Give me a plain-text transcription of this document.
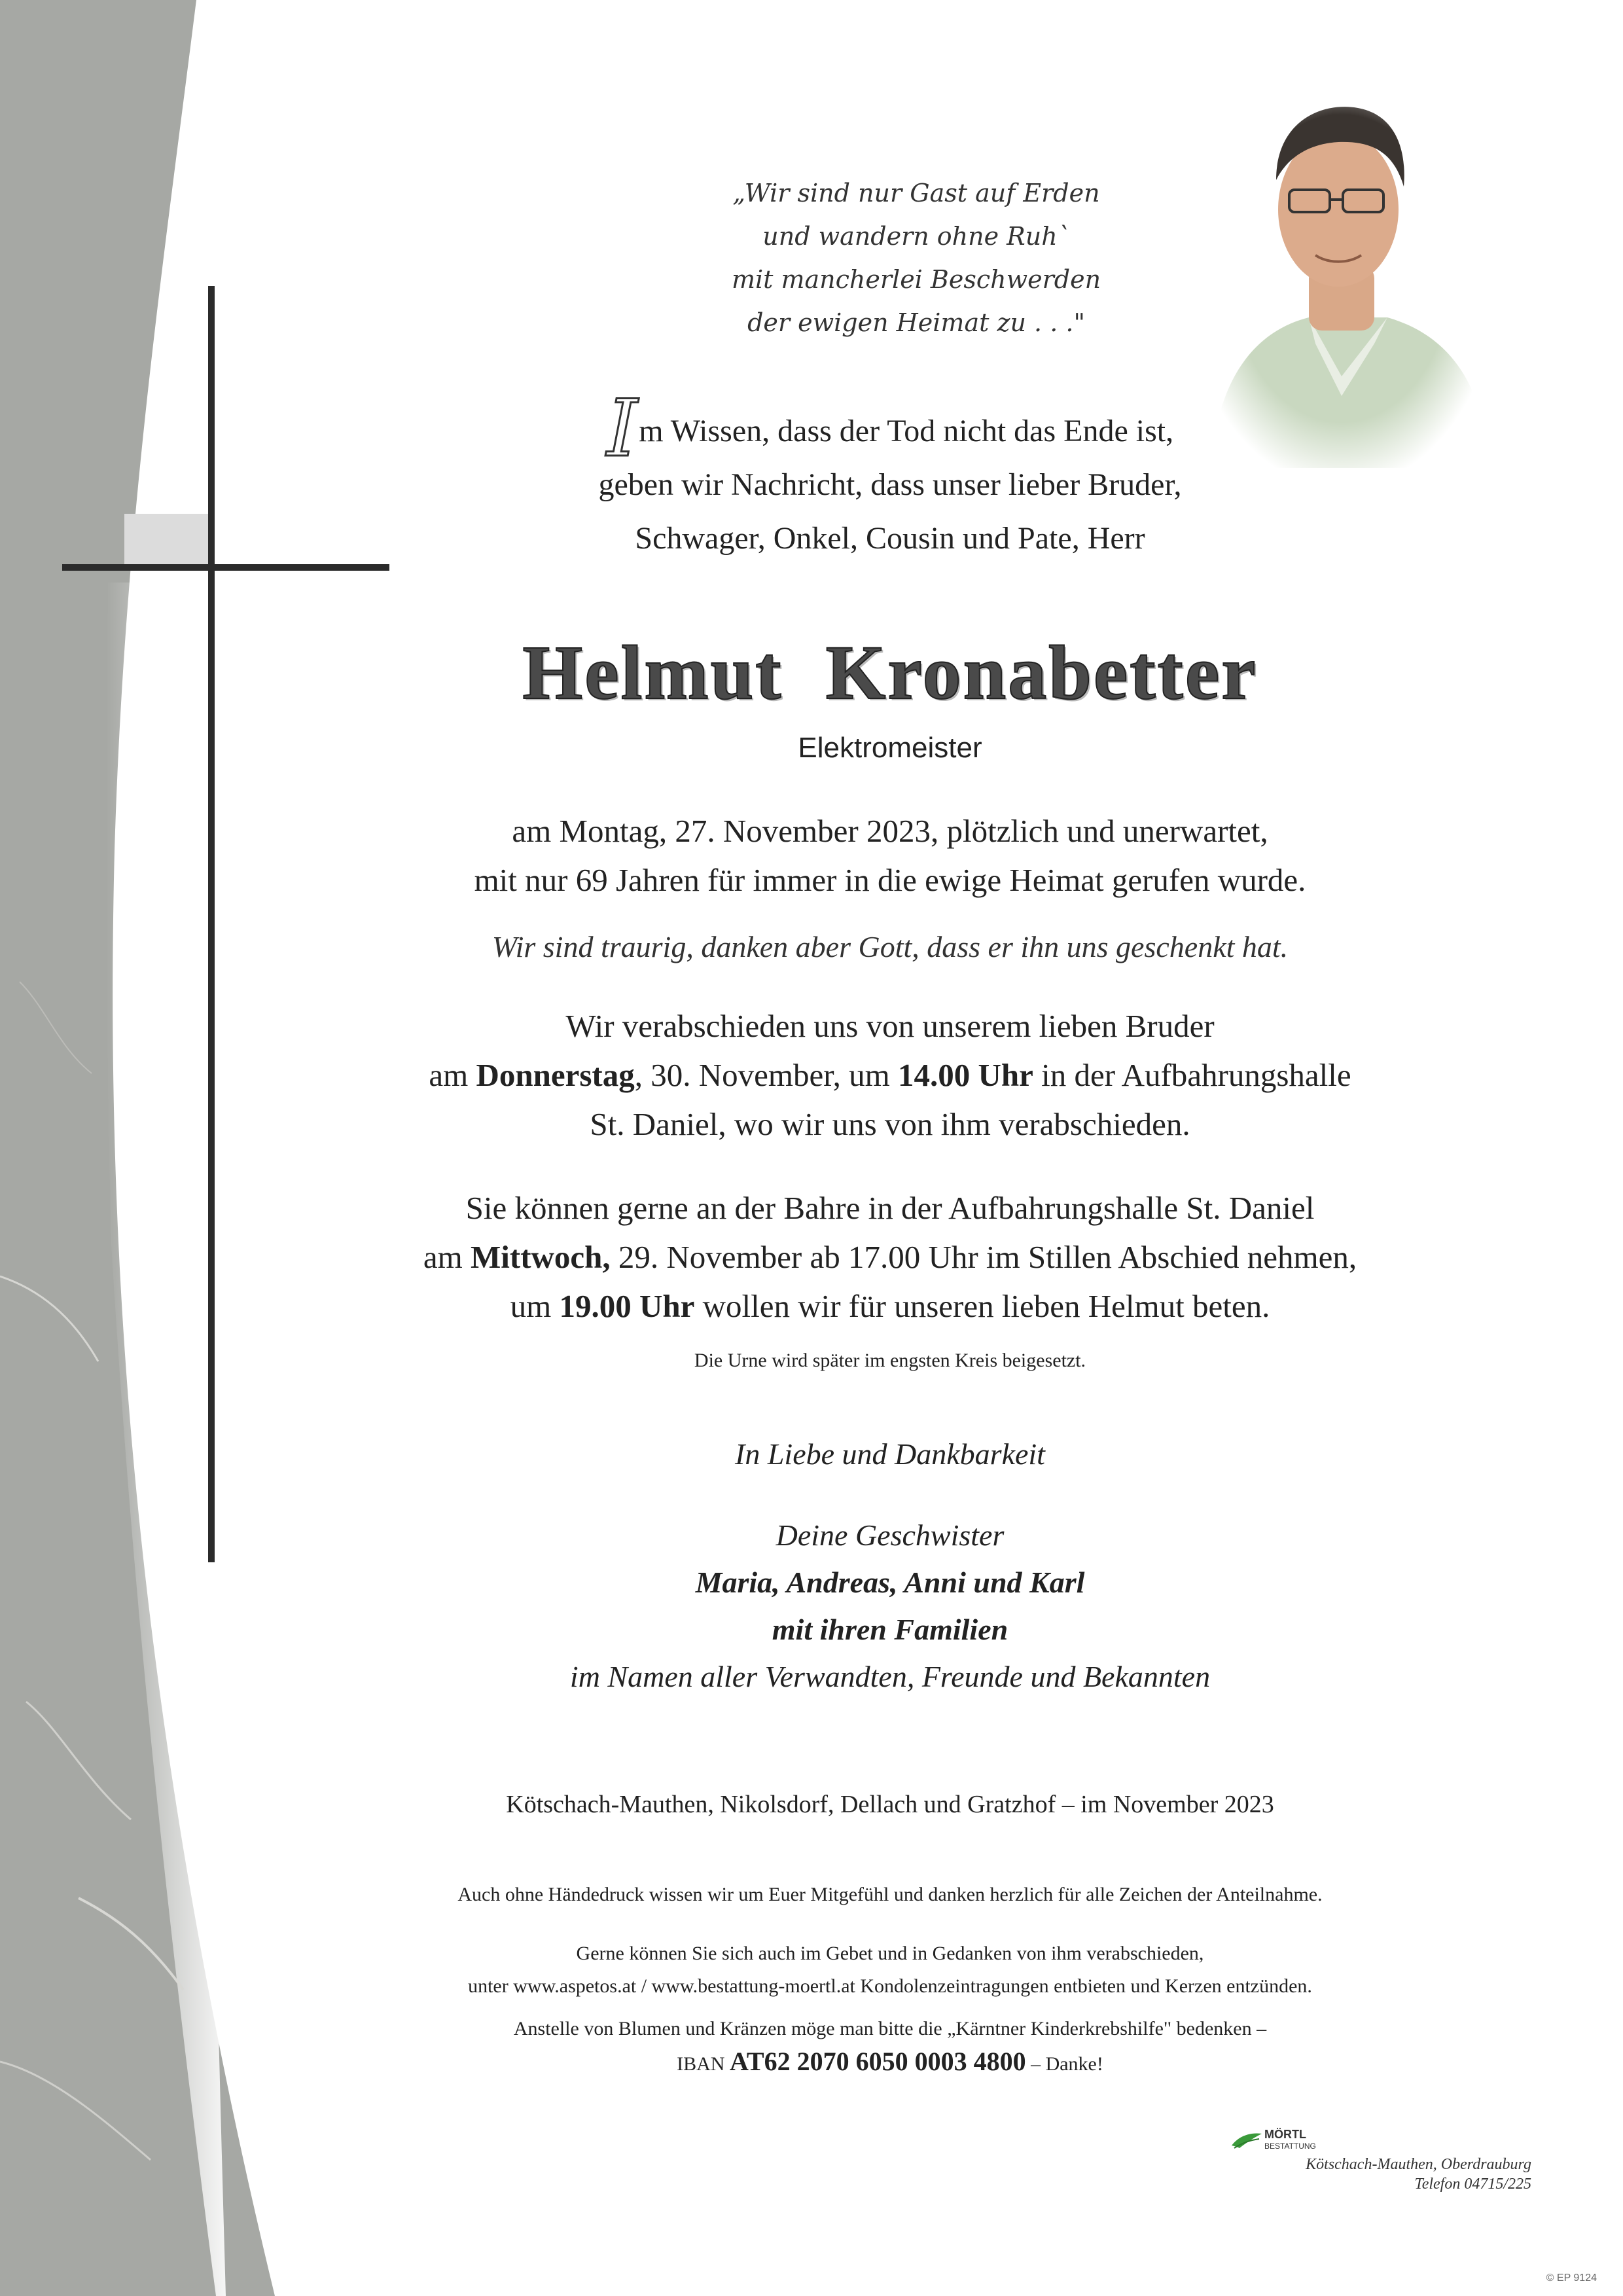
„Wir sind nur Gast auf Erden
und wandern ohne Ruh`
mit mancherlei Beschwerden
der ewigen Heimat zu . . ."
Im Wissen, dass der Tod nicht das Ende ist,
geben wir Nachricht, dass unser lieber Bruder,
Schwager, Onkel, Cousin und Pate, Herr
Helmut  Kronabetter
Elektromeister
am Montag, 27. November 2023, plötzlich und unerwartet,
mit nur 69 Jahren für immer in die ewige Heimat gerufen wurde.
Wir sind traurig, danken aber Gott, dass er ihn uns geschenkt hat.
Wir verabschieden uns von unserem lieben Bruder
am Donnerstag, 30. November, um 14.00 Uhr in der Aufbahrungshalle
St. Daniel, wo wir uns von ihm verabschieden.
Sie können gerne an der Bahre in der Aufbahrungshalle St. Daniel
am Mittwoch, 29. November ab 17.00 Uhr im Stillen Abschied nehmen,
um 19.00 Uhr wollen wir für unseren lieben Helmut beten.
Die Urne wird später im engsten Kreis beigesetzt.
In Liebe und Dankbarkeit
Deine Geschwister
Maria, Andreas, Anni und Karl
mit ihren Familien
im Namen aller Verwandten, Freunde und Bekannten
Kötschach-Mauthen, Nikolsdorf, Dellach und Gratzhof – im November 2023
Auch ohne Händedruck wissen wir um Euer Mitgefühl und danken herzlich für alle Zeichen der Anteilnahme.
Gerne können Sie sich auch im Gebet und in Gedanken von ihm verabschieden,
unter www.aspetos.at / www.bestattung-moertl.at Kondolenzeintragungen entbieten und Kerzen entzünden.
Anstelle von Blumen und Kränzen möge man bitte die „Kärntner Kinderkrebshilfe" bedenken –
IBAN AT62 2070 6050 0003 4800 – Danke!
MÖRTL
BESTATTUNG
Kötschach-Mauthen, Oberdrauburg
Telefon 04715/225
© EP 9124
